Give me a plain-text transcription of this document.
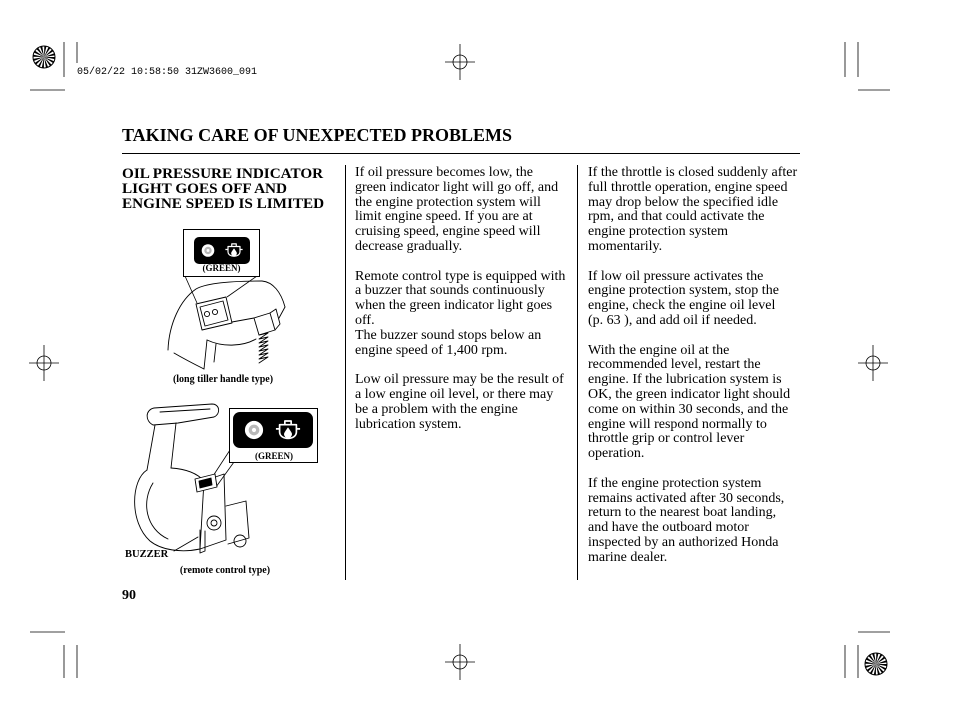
05/02/22 10:58:50 31ZW3600_091
TAKING CARE OF UNEXPECTED PROBLEMS
OIL PRESSURE INDICATOR
LIGHT GOES OFF AND
ENGINE SPEED IS LIMITED
(GREEN)
(long tiller handle type)
(GREEN)
BUZZER
(remote control type)
If oil pressure becomes low, the
green indicator light will go off, and
the engine protection system will
limit engine speed. If you are at
cruising speed, engine speed will
decrease gradually.
Remote control type is equipped with
a buzzer that sounds continuously
when the green indicator light goes
off.
The buzzer sound stops below an
engine speed of 1,400 rpm.
Low oil pressure may be the result of
a low engine oil level, or there may
be a problem with the engine
lubrication system.
If the throttle is closed suddenly after
full throttle operation, engine speed
may drop below the specified idle
rpm, and that could activate the
engine protection system
momentarily.
If low oil pressure activates the
engine protection system, stop the
engine, check the engine oil level
(p. 63 ), and add oil if needed.
With the engine oil at the
recommended level, restart the
engine. If the lubrication system is
OK, the green indicator light should
come on within 30 seconds, and the
engine will respond normally to
throttle grip or control lever
operation.
If the engine protection system
remains activated after 30 seconds,
return to the nearest boat landing,
and have the outboard motor
inspected by an authorized Honda
marine dealer.
90
